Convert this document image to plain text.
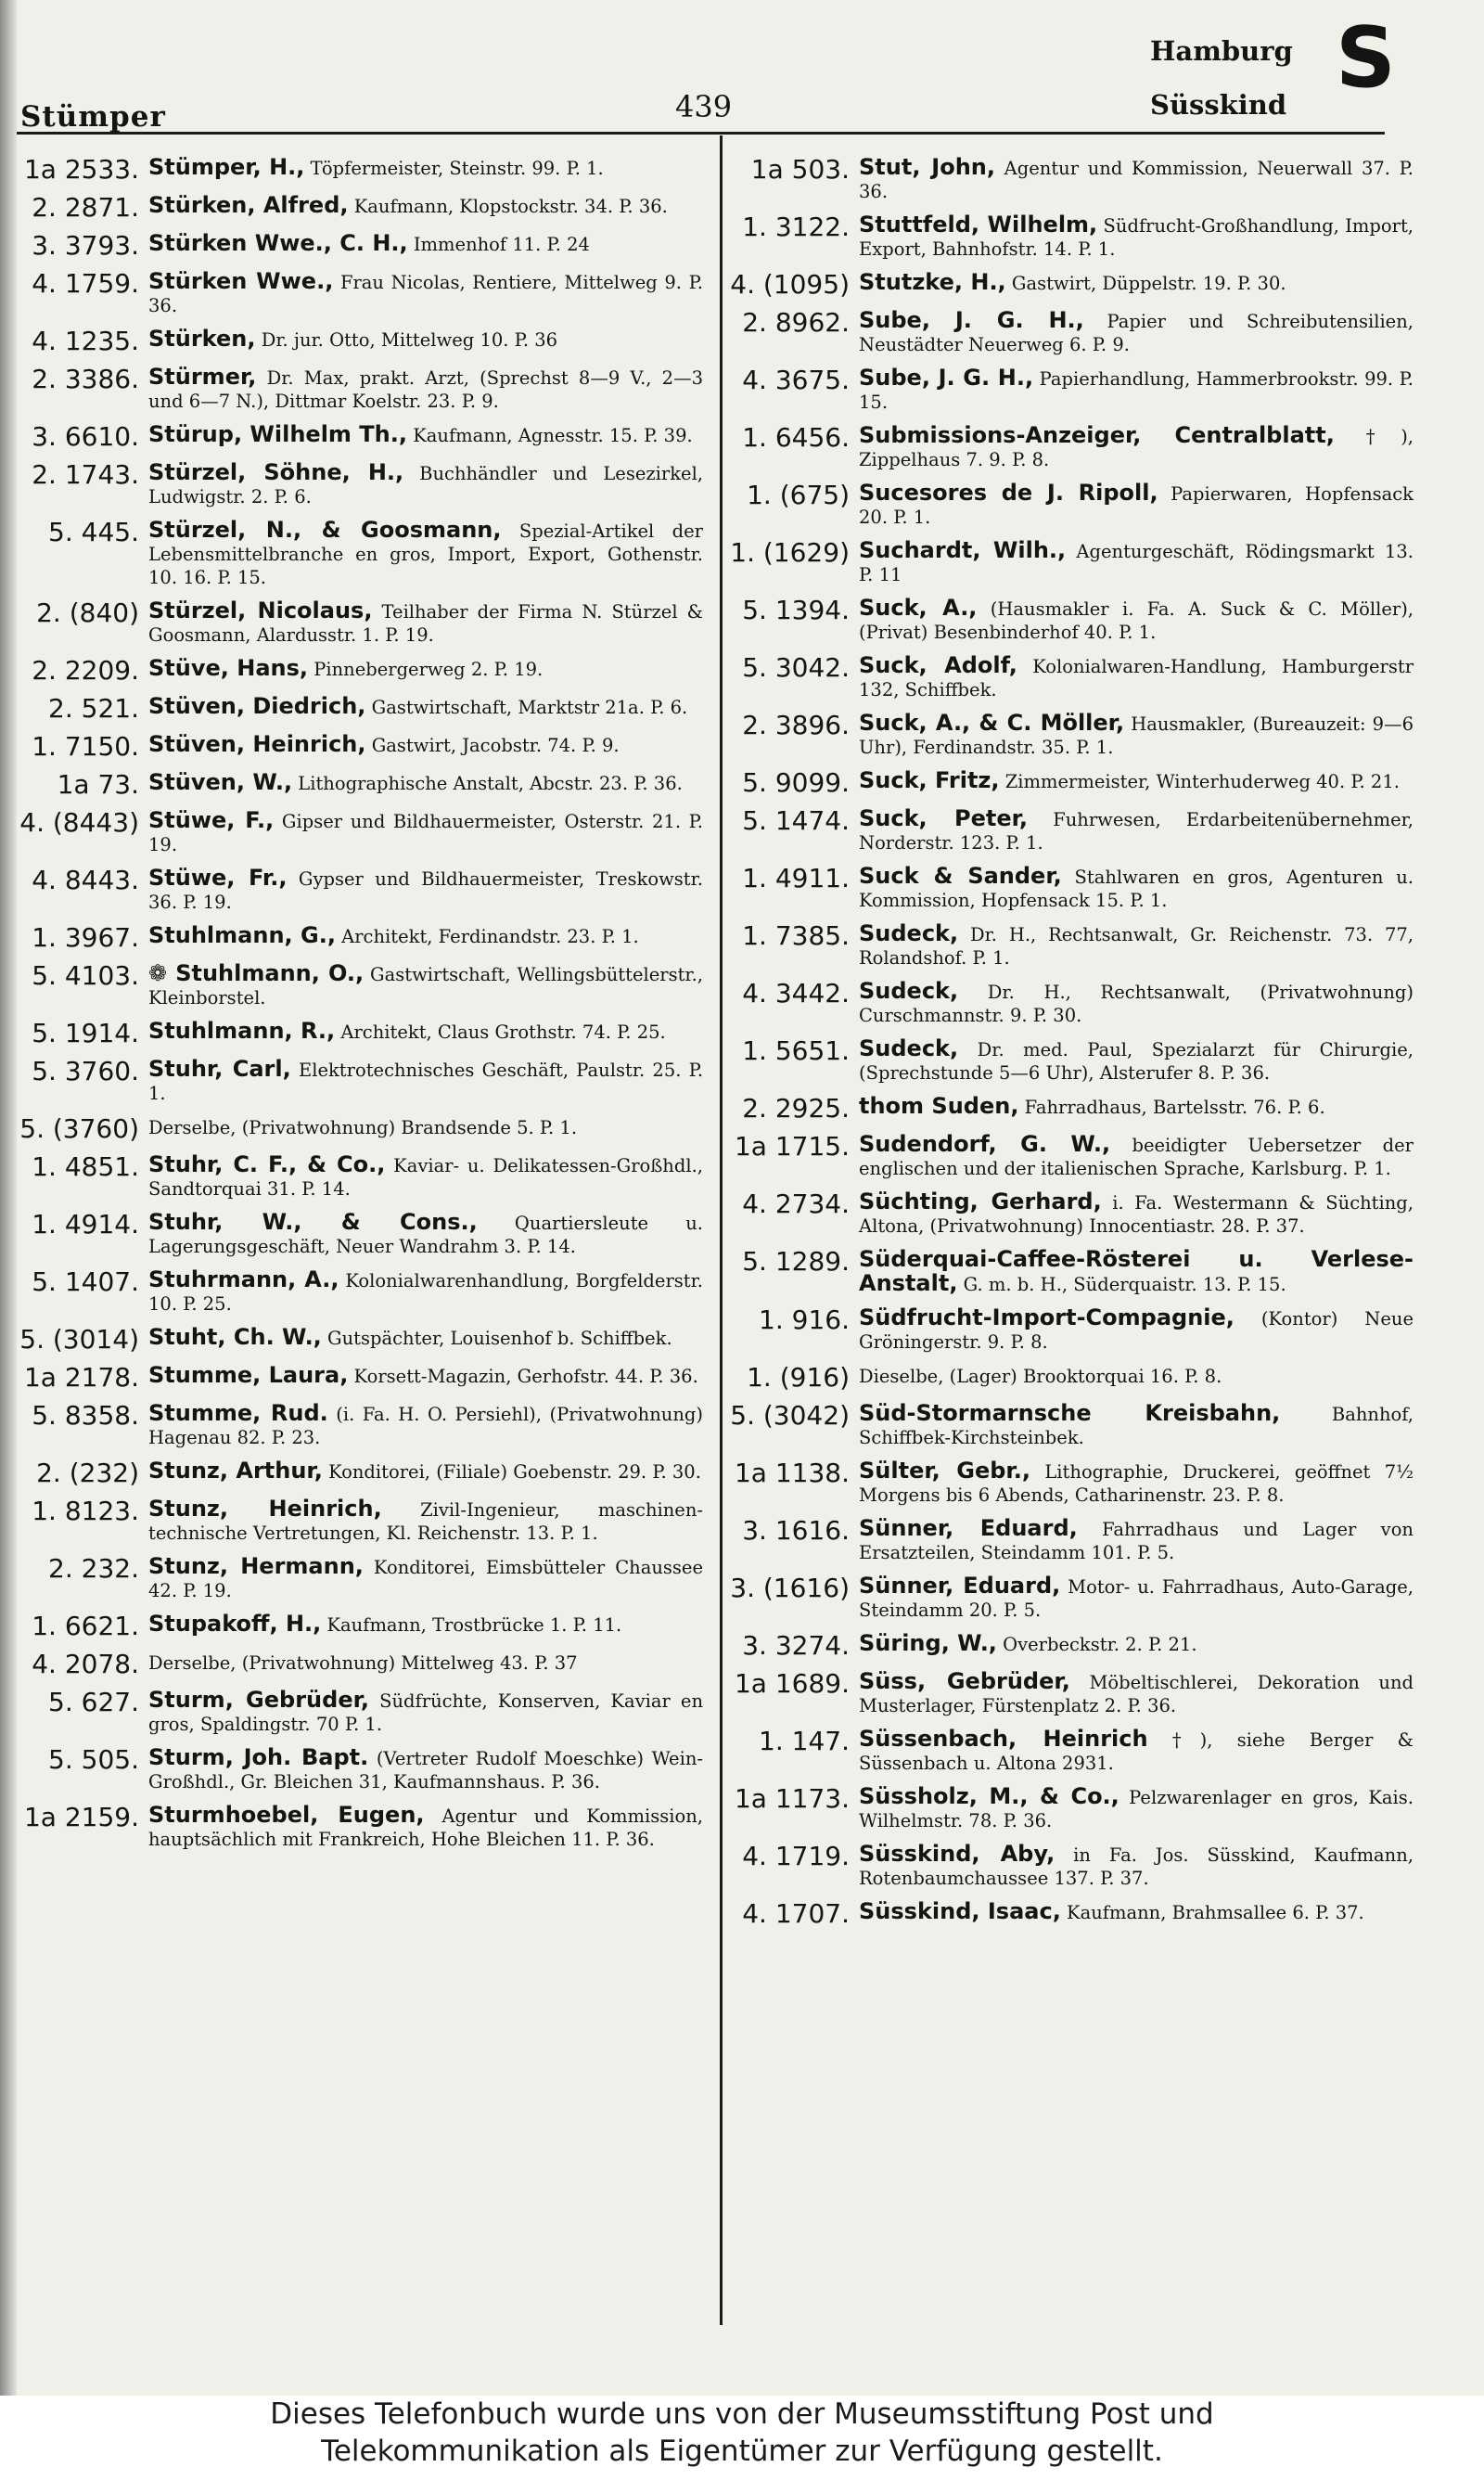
Stümper	439
Hamburg
Süsskind S
1a 2533. Stümper, H., Töpfermeister, Steinstr. 99. P. 1.
2. 2871. Stürken, Alfred, Kaufmann, Klopstockstr. 34. P. 36.
3. 3793. Stürken Wwe., C. H., Immenhof 11. P. 24
4. 1759. Stürken Wwe., Frau Nicolas, Rentiere, Mittelweg 9. P. 36.
4. 1235. Stürken, Dr. jur. Otto, Mittelweg 10. P. 36
2. 3386. Stürmer, Dr. Max, prakt. Arzt, (Sprechst 8—9 V., 2—3 und 6—7 N.), Dittmar Koelstr. 23. P. 9.
3. 6610. Stürup, Wilhelm Th., Kaufmann, Agnesstr. 15. P. 39.
2. 1743. Stürzel, Söhne, H., Buchhändler und Lesezirkel, Ludwigstr. 2. P. 6.
5. 445. Stürzel, N., & Goosmann, Spezial-Artikel der Lebensmittelbranche en gros, Import, Export, Gothenstr. 10. 16. P. 15.
2. (840) Stürzel, Nicolaus, Teilhaber der Firma N. Stürzel & Goosmann, Alardusstr. 1. P. 19.
2. 2209. Stüve, Hans, Pinnebergerweg 2. P. 19.
2. 521. Stüven, Diedrich, Gastwirtschaft, Marktstr 21a. P. 6.
1. 7150. Stüven, Heinrich, Gastwirt, Jacobstr. 74. P. 9.
1a 73. Stüven, W., Lithographische Anstalt, Abcstr. 23. P. 36.
4. (8443) Stüwe, F., Gipser und Bildhauermeister, Osterstr. 21. P. 19.
4. 8443. Stüwe, Fr., Gypser und Bildhauermeister, Treskowstr. 36. P. 19.
1. 3967. Stuhlmann, G., Architekt, Ferdinandstr. 23. P. 1.
5. 4103. ❁ Stuhlmann, O., Gastwirtschaft, Wellingsbüttelerstr., Kleinborstel.
5. 1914. Stuhlmann, R., Architekt, Claus Grothstr. 74. P. 25.
5. 3760. Stuhr, Carl, Elektrotechnisches Geschäft, Paulstr. 25. P. 1.
5. (3760) Derselbe, (Privatwohnung) Brandsende 5. P. 1.
1. 4851. Stuhr, C. F., & Co., Kaviar- u. Delikatessen-Großhdl., Sandtorquai 31. P. 14.
1. 4914. Stuhr, W., & Cons., Quartiersleute u. Lagerungsgeschäft, Neuer Wandrahm 3. P. 14.
5. 1407. Stuhrmann, A., Kolonialwarenhandlung, Borgfelderstr. 10. P. 25.
5. (3014) Stuht, Ch. W., Gutspächter, Louisenhof b. Schiffbek.
1a 2178. Stumme, Laura, Korsett-Magazin, Gerhofstr. 44. P. 36.
5. 8358. Stumme, Rud. (i. Fa. H. O. Persiehl), (Privatwohnung) Hagenau 82. P. 23.
2. (232) Stunz, Arthur, Konditorei, (Filiale) Goebenstr. 29. P. 30.
1. 8123. Stunz, Heinrich, Zivil-Ingenieur, maschinen-technische Vertretungen, Kl. Reichenstr. 13. P. 1.
2. 232. Stunz, Hermann, Konditorei, Eimsbütteler Chaussee 42. P. 19.
1. 6621. Stupakoff, H., Kaufmann, Trostbrücke 1. P. 11.
4. 2078. Derselbe, (Privatwohnung) Mittelweg 43. P. 37
5. 627. Sturm, Gebrüder, Südfrüchte, Konserven, Kaviar en gros, Spaldingstr. 70 P. 1.
5. 505. Sturm, Joh. Bapt. (Vertreter Rudolf Moeschke) Wein-Großhdl., Gr. Bleichen 31, Kaufmannshaus. P. 36.
1a 2159. Sturmhoebel, Eugen, Agentur und Kommission, hauptsächlich mit Frankreich, Hohe Bleichen 11. P. 36.
1a 503. Stut, John, Agentur und Kommission, Neuerwall 37. P. 36.
1. 3122. Stuttfeld, Wilhelm, Südfrucht-Großhandlung, Import, Export, Bahnhofstr. 14. P. 1.
4. (1095) Stutzke, H., Gastwirt, Düppelstr. 19. P. 30.
2. 8962. Sube, J. G. H., Papier und Schreibutensilien, Neustädter Neuerweg 6. P. 9.
4. 3675. Sube, J. G. H., Papierhandlung, Hammerbrookstr. 99. P. 15.
1. 6456. Submissions-Anzeiger, Centralblatt, †), Zippelhaus 7. 9. P. 8.
1. (675) Sucesores de J. Ripoll, Papierwaren, Hopfensack 20. P. 1.
1. (1629) Suchardt, Wilh., Agenturgeschäft, Rödingsmarkt 13. P. 11
5. 1394. Suck, A., (Hausmakler i. Fa. A. Suck & C. Möller), (Privat) Besenbinderhof 40. P. 1.
5. 3042. Suck, Adolf, Kolonialwaren-Handlung, Hamburgerstr 132, Schiffbek.
2. 3896. Suck, A., & C. Möller, Hausmakler, (Bureauzeit: 9—6 Uhr), Ferdinandstr. 35. P. 1.
5. 9099. Suck, Fritz, Zimmermeister, Winterhuderweg 40. P. 21.
5. 1474. Suck, Peter, Fuhrwesen, Erdarbeitenübernehmer, Norderstr. 123. P. 1.
1. 4911. Suck & Sander, Stahlwaren en gros, Agenturen u. Kommission, Hopfensack 15. P. 1.
1. 7385. Sudeck, Dr. H., Rechtsanwalt, Gr. Reichenstr. 73. 77, Rolandshof. P. 1.
4. 3442. Sudeck, Dr. H., Rechtsanwalt, (Privatwohnung) Curschmannstr. 9. P. 30.
1. 5651. Sudeck, Dr. med. Paul, Spezialarzt für Chirurgie, (Sprechstunde 5—6 Uhr), Alsterufer 8. P. 36.
2. 2925. thom Suden, Fahrradhaus, Bartelsstr. 76. P. 6.
1a 1715. Sudendorf, G. W., beeidigter Uebersetzer der englischen und der italienischen Sprache, Karlsburg. P. 1.
4. 2734. Süchting, Gerhard, i. Fa. Westermann & Süchting, Altona, (Privatwohnung) Innocentiastr. 28. P. 37.
5. 1289. Süderquai-Caffee-Rösterei u. Verlese-Anstalt, G. m. b. H., Süderquaistr. 13. P. 15.
1. 916. Südfrucht-Import-Compagnie, (Kontor) Neue Gröningerstr. 9. P. 8.
1. (916) Dieselbe, (Lager) Brooktorquai 16. P. 8.
5. (3042) Süd-Stormarnsche Kreisbahn,	Bahnhof, Schiffbek-Kirchsteinbek.
1a 1138. Sülter, Gebr., Lithographie, Druckerei, geöffnet 7½ Morgens bis 6 Abends, Catharinenstr. 23. P. 8.
3. 1616. Sünner, Eduard, Fahrradhaus und Lager von Ersatzteilen, Steindamm 101. P. 5.
3. (1616) Sünner, Eduard, Motor- u. Fahrradhaus, Auto-Garage, Steindamm 20. P. 5.
3. 3274. Süring, W., Overbeckstr. 2. P. 21.
1a 1689. Süss, Gebrüder, Möbeltischlerei, Dekoration und Musterlager, Fürstenplatz 2. P. 36.
1. 147. Süssenbach, Heinrich †), siehe Berger & Süssenbach u. Altona 2931.
1a 1173. Süssholz, M., & Co., Pelzwarenlager en gros, Kais. Wilhelmstr. 78. P. 36.
4. 1719. Süsskind, Aby, in Fa. Jos. Süsskind, Kaufmann, Rotenbaumchaussee 137. P. 37.
4. 1707. Süsskind, Isaac, Kaufmann, Brahmsallee 6. P. 37.
Dieses Telefonbuch wurde uns von der Museumsstiftung Post und
Telekommunikation als Eigentümer zur Verfügung gestellt.
